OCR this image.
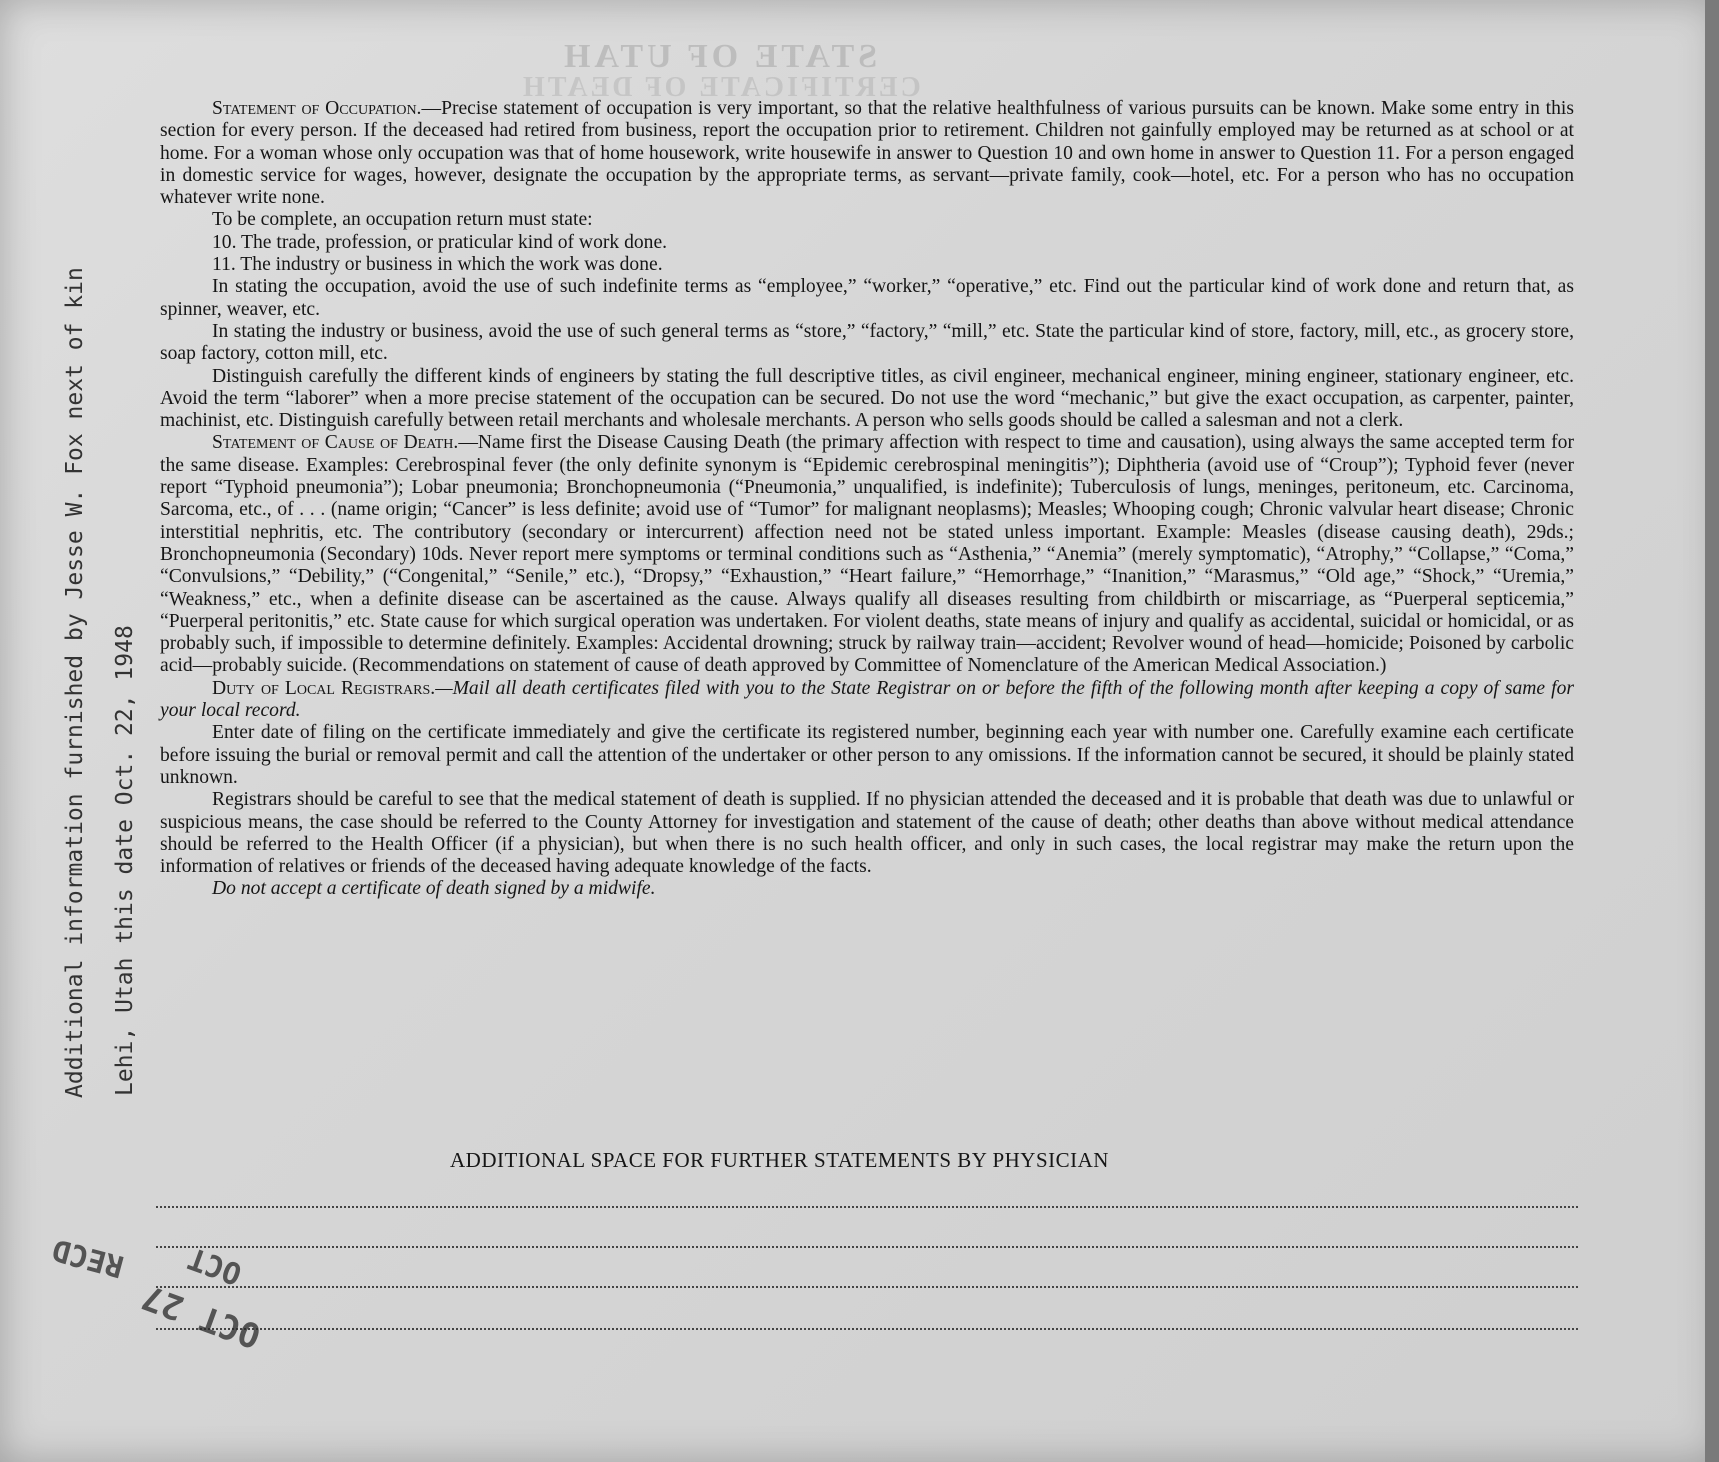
STATE OF UTAH
CERTIFICATE OF DEATH
Additional information furnished by Jesse W. Fox next of kin Lehi, Utah this date Oct. 22, 1948

Statement of Occupation.—Precise statement of occupation is very important, so that the relative healthfulness of various pursuits can be known. Make some entry in this section for every person. If the deceased had retired from business, report the occupation prior to retirement. Children not gainfully employed may be returned as at school or at home. For a woman whose only occupation was that of home housework, write housewife in answer to Question 10 and own home in answer to Question 11. For a person engaged in domestic service for wages, however, designate the occupation by the appropriate terms, as servant—private family, cook—hotel, etc. For a person who has no occupation whatever write none.

To be complete, an occupation return must state:

10. The trade, profession, or praticular kind of work done.

11. The industry or business in which the work was done.

In stating the occupation, avoid the use of such indefinite terms as “employee,” “worker,” “operative,” etc. Find out the particular kind of work done and return that, as spinner, weaver, etc.

In stating the industry or business, avoid the use of such general terms as “store,” “factory,” “mill,” etc. State the particular kind of store, factory, mill, etc., as grocery store, soap factory, cotton mill, etc.

Distinguish carefully the different kinds of engineers by stating the full descriptive titles, as civil engineer, mechanical engineer, mining engineer, stationary engineer, etc. Avoid the term “laborer” when a more precise statement of the occupation can be secured. Do not use the word “mechanic,” but give the exact occupation, as carpenter, painter, machinist, etc. Distinguish carefully between retail merchants and wholesale merchants. A person who sells goods should be called a salesman and not a clerk.

Statement of Cause of Death.—Name first the Disease Causing Death (the primary affection with respect to time and causation), using always the same accepted term for the same disease. Examples: Cerebrospinal fever (the only definite synonym is “Epidemic cerebrospinal meningitis”); Diphtheria (avoid use of “Croup”); Typhoid fever (never report “Typhoid pneumonia”); Lobar pneumonia; Bronchopneumonia (“Pneumonia,” unqualified, is indefinite); Tuberculosis of lungs, meninges, peritoneum, etc. Carcinoma, Sarcoma, etc., of . . . (name origin; “Cancer” is less definite; avoid use of “Tumor” for malignant neoplasms); Measles; Whooping cough; Chronic valvular heart disease; Chronic interstitial nephritis, etc. The contributory (secondary or intercurrent) affection need not be stated unless important. Example: Measles (disease causing death), 29ds.; Bronchopneumonia (Secondary) 10ds. Never report mere symptoms or terminal conditions such as “Asthenia,” “Anemia” (merely symptomatic), “Atrophy,” “Collapse,” “Coma,” “Convulsions,” “Debility,” (“Congenital,” “Senile,” etc.), “Dropsy,” “Exhaustion,” “Heart failure,” “Hemorrhage,” “Inanition,” “Marasmus,” “Old age,” “Shock,” “Uremia,” “Weakness,” etc., when a definite disease can be ascertained as the cause. Always qualify all diseases resulting from childbirth or miscarriage, as “Puerperal septicemia,” “Puerperal peritonitis,” etc. State cause for which surgical operation was undertaken. For violent deaths, state means of injury and qualify as accidental, suicidal or homicidal, or as probably such, if impossible to determine definitely. Examples: Accidental drowning; struck by railway train—accident; Revolver wound of head—homicide; Poisoned by carbolic acid—probably suicide. (Recommendations on statement of cause of death approved by Committee of Nomenclature of the American Medical Association.)

Duty of Local Registrars.—Mail all death certificates filed with you to the State Registrar on or before the fifth of the following month after keeping a copy of same for your local record.

Enter date of filing on the certificate immediately and give the certificate its registered number, beginning each year with number one. Carefully examine each certificate before issuing the burial or removal permit and call the attention of the undertaker or other person to any omissions. If the information cannot be secured, it should be plainly stated unknown.

Registrars should be careful to see that the medical statement of death is supplied. If no physician attended the deceased and it is probable that death was due to unlawful or suspicious means, the case should be referred to the County Attorney for investigation and statement of the cause of death; other deaths than above without medical attendance should be referred to the Health Officer (if a physician), but when there is no such health officer, and only in such cases, the local registrar may make the return upon the information of relatives or friends of the deceased having adequate knowledge of the facts.

Do not accept a certificate of death signed by a midwife.

ADDITIONAL SPACE FOR FURTHER STATEMENTS BY PHYSICIAN
RECD OCT
OCT 27
